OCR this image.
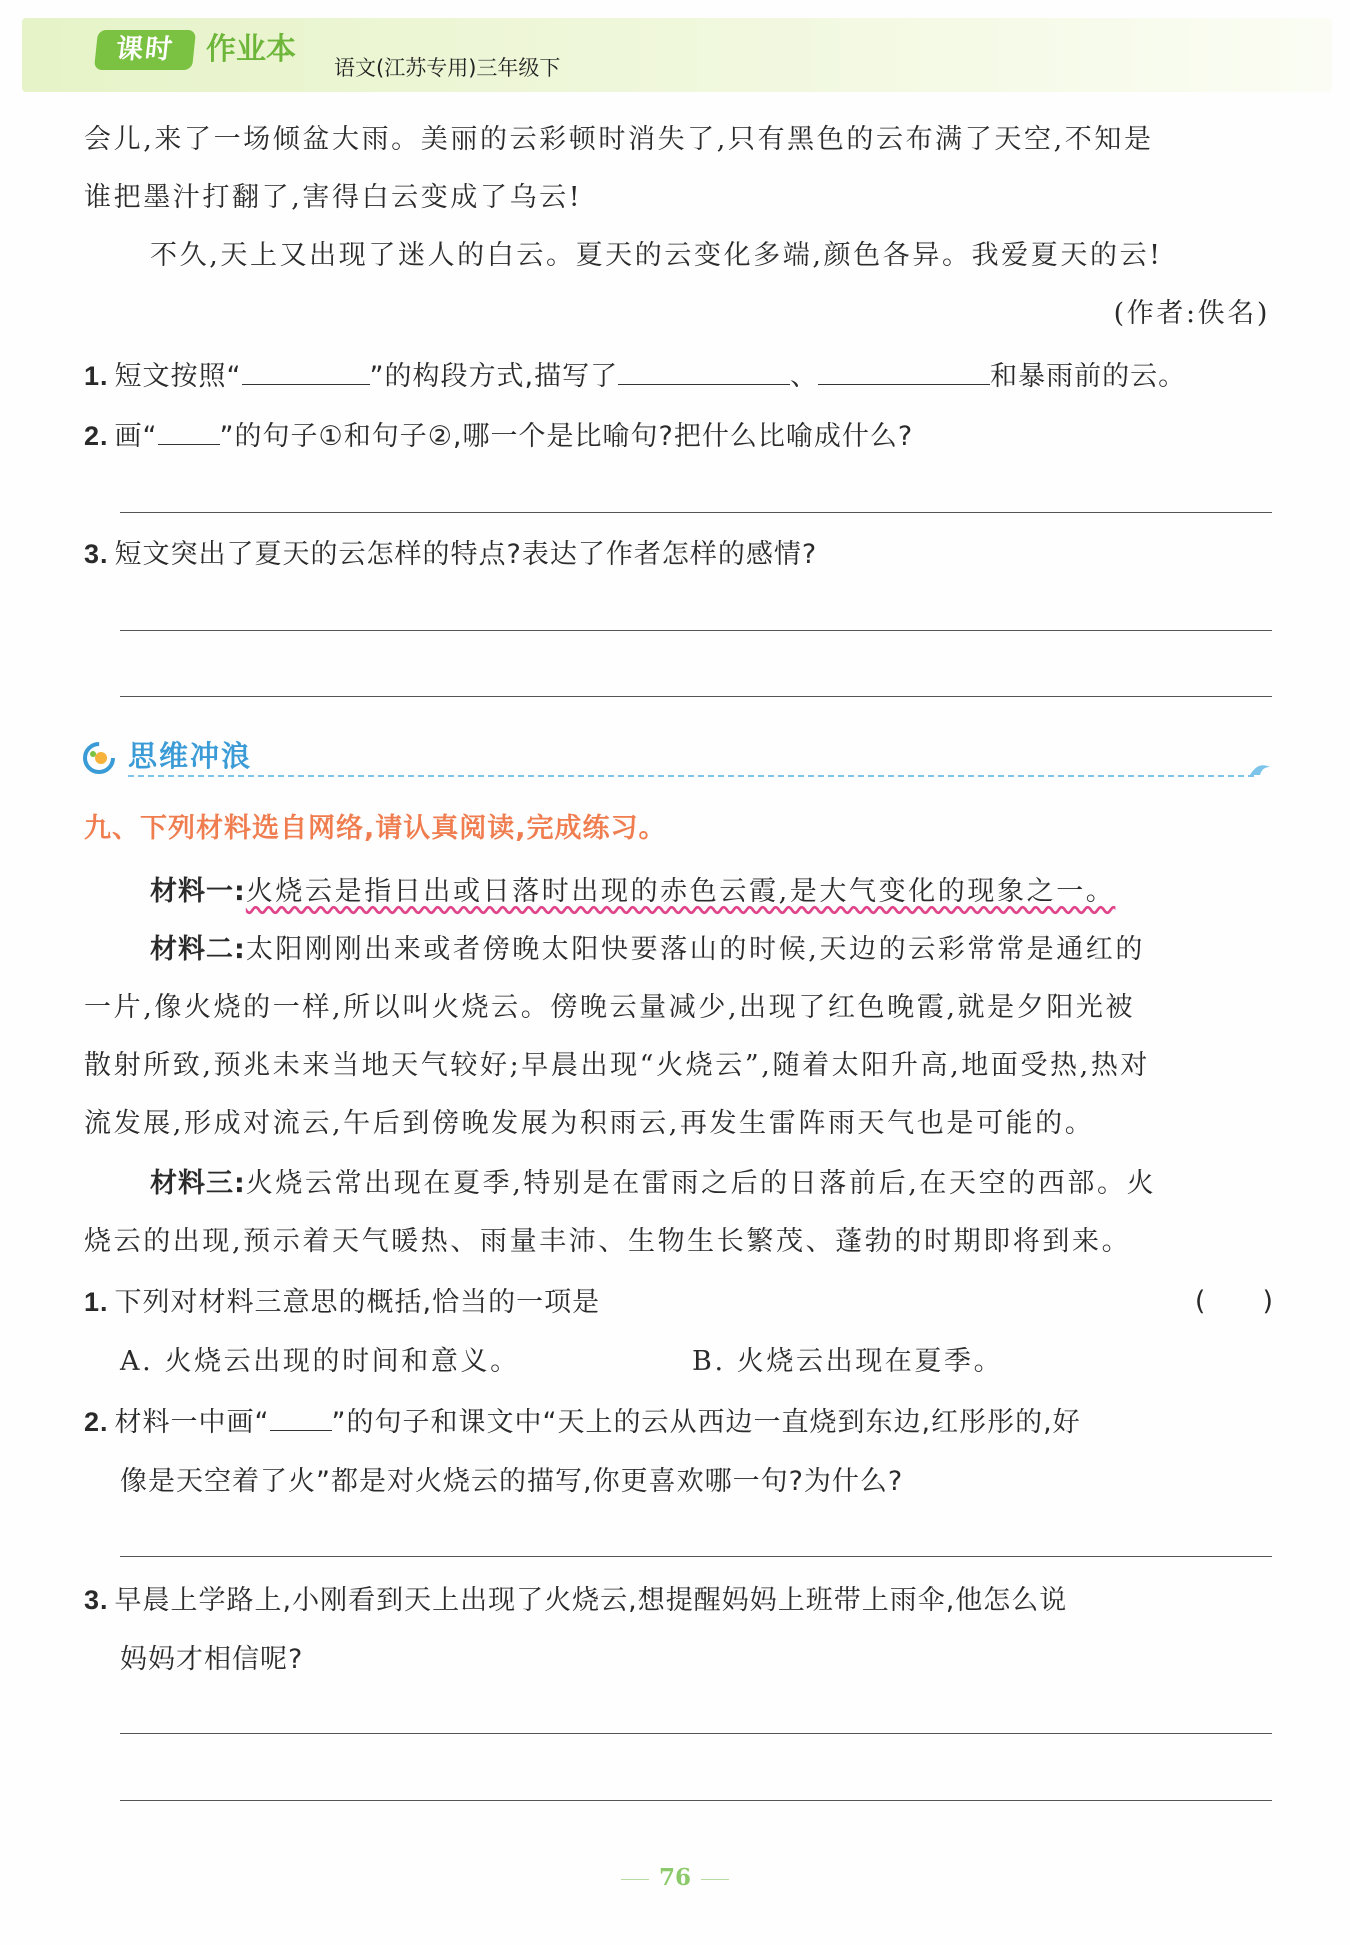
课时	作业本
语文(江苏专用)三年级下
会儿,来了一场倾盆大雨。美丽的云彩顿时消失了,只有黑色的云布满了天空,不知是
谁把墨汁打翻了,害得白云变成了乌云!
不久,天上又出现了迷人的白云。夏天的云变化多端,颜色各异。我爱夏天的云!
(作者:佚名)
1. 短文按照“	”的构段方式,描写了	、	和暴雨前的云。
2. 画“ ”的句子①和句子②,哪一个是比喻句?把什么比喻成什么?
3. 短文突出了夏天的云怎样的特点?表达了作者怎样的感情?
思维冲浪
九、下列材料选自网络,请认真阅读,完成练习。
材料一:火烧云是指日出或日落时出现的赤色云霞,是大气变化的现象之一。
材料二:太阳刚刚出来或者傍晚太阳快要落山的时候,天边的云彩常常是通红的
一片,像火烧的一样,所以叫火烧云。傍晚云量减少,出现了红色晚霞,就是夕阳光被
散射所致,预兆未来当地天气较好;早晨出现“火烧云”,随着太阳升高,地面受热,热对
流发展,形成对流云,午后到傍晚发展为积雨云,再发生雷阵雨天气也是可能的。
材料三:火烧云常出现在夏季,特别是在雷雨之后的日落前后,在天空的西部。火
烧云的出现,预示着天气暖热、雨量丰沛、生物生长繁茂、蓬勃的时期即将到来。
1. 下列对材料三意思的概括,恰当的一项是	(　　)
A. 火烧云出现的时间和意义。	B. 火烧云出现在夏季。
2. 材料一中画“ ”的句子和课文中“天上的云从西边一直烧到东边,红彤彤的,好
像是天空着了火”都是对火烧云的描写,你更喜欢哪一句?为什么?
3. 早晨上学路上,小刚看到天上出现了火烧云,想提醒妈妈上班带上雨伞,他怎么说
妈妈才相信呢?
76
